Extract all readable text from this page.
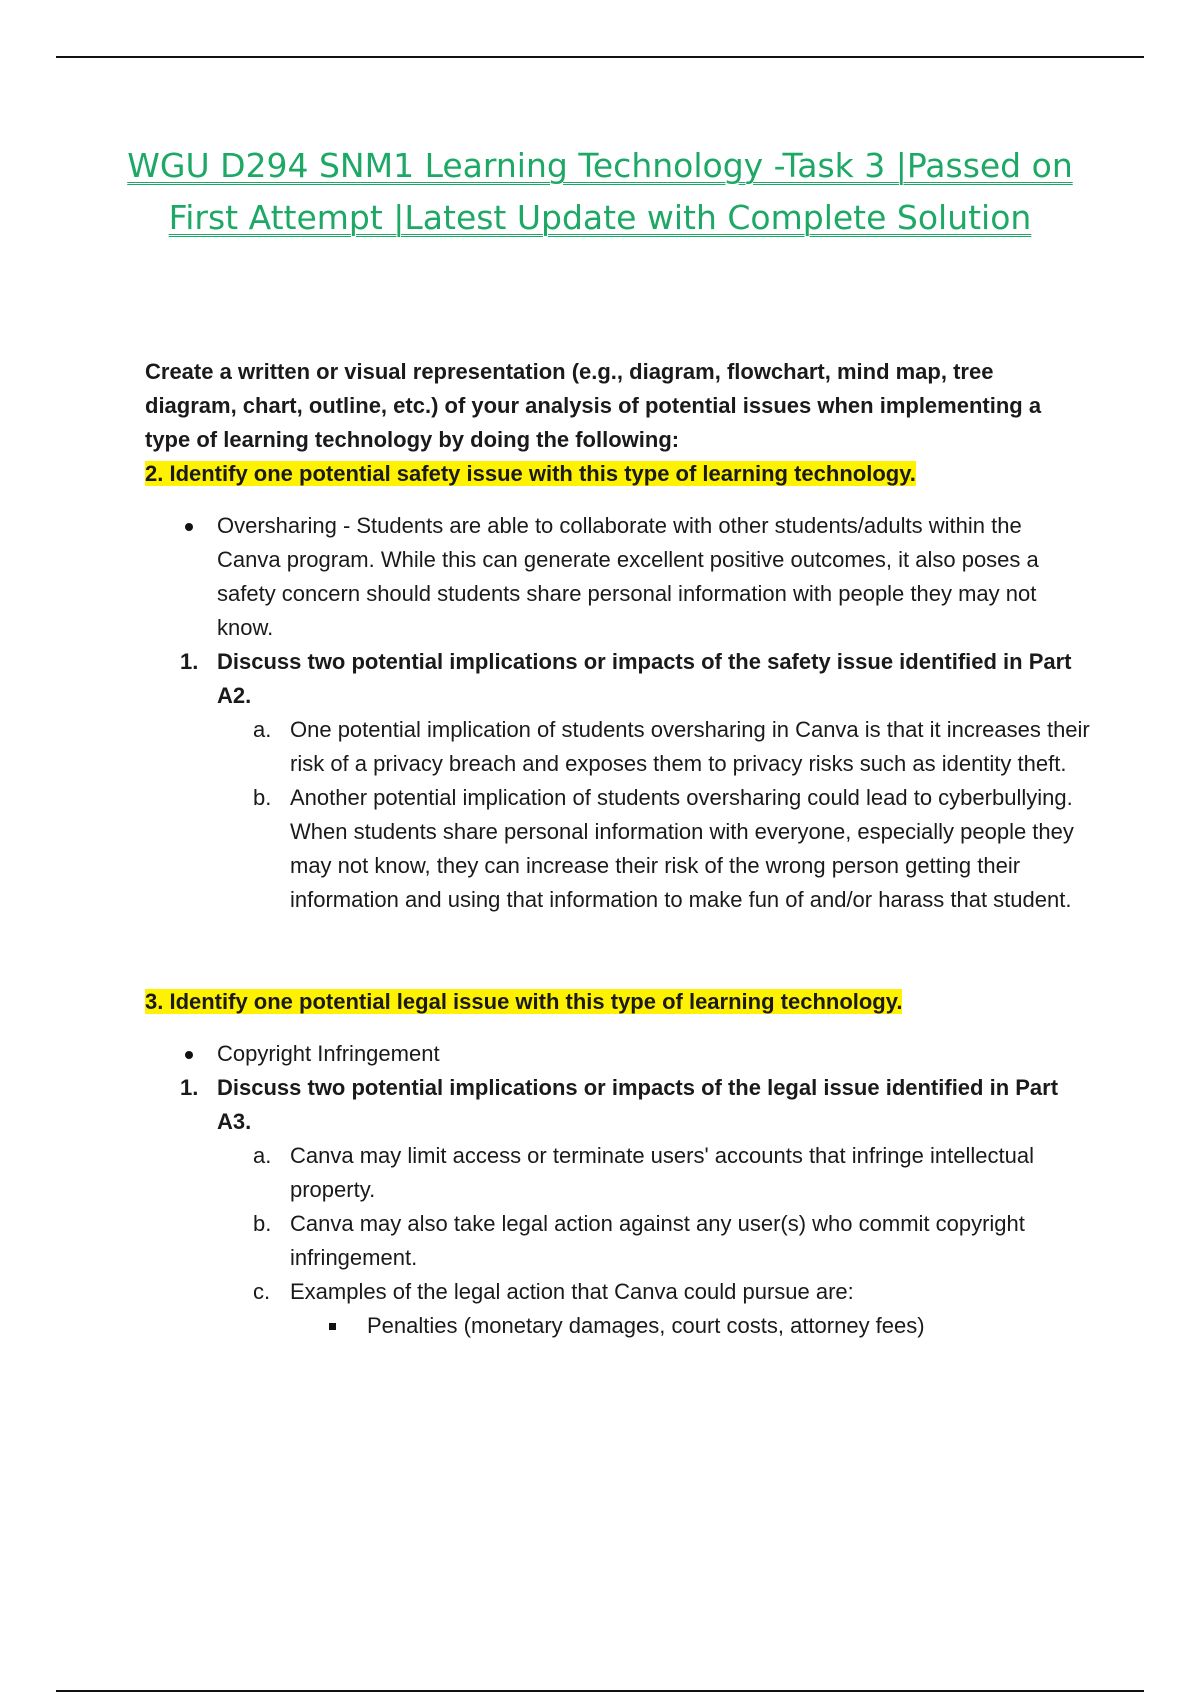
WGU D294 SNM1 Learning Technology -Task 3 |Passed on First Attempt |Latest Update with Complete Solution
Create a written or visual representation (e.g., diagram, flowchart, mind map, tree diagram, chart, outline, etc.) of your analysis of potential issues when implementing a type of learning technology by doing the following:
2. Identify one potential safety issue with this type of learning technology.
Oversharing - Students are able to collaborate with other students/adults within the Canva program. While this can generate excellent positive outcomes, it also poses a safety concern should students share personal information with people they may not know.
1. Discuss two potential implications or impacts of the safety issue identified in Part A2.
a. One potential implication of students oversharing in Canva is that it increases their risk of a privacy breach and exposes them to privacy risks such as identity theft.
b. Another potential implication of students oversharing could lead to cyberbullying. When students share personal information with everyone, especially people they may not know, they can increase their risk of the wrong person getting their information and using that information to make fun of and/or harass that student.
3. Identify one potential legal issue with this type of learning technology.
Copyright Infringement
1. Discuss two potential implications or impacts of the legal issue identified in Part A3.
a. Canva may limit access or terminate users' accounts that infringe intellectual property.
b. Canva may also take legal action against any user(s) who commit copyright infringement.
c. Examples of the legal action that Canva could pursue are:
Penalties (monetary damages, court costs, attorney fees)
